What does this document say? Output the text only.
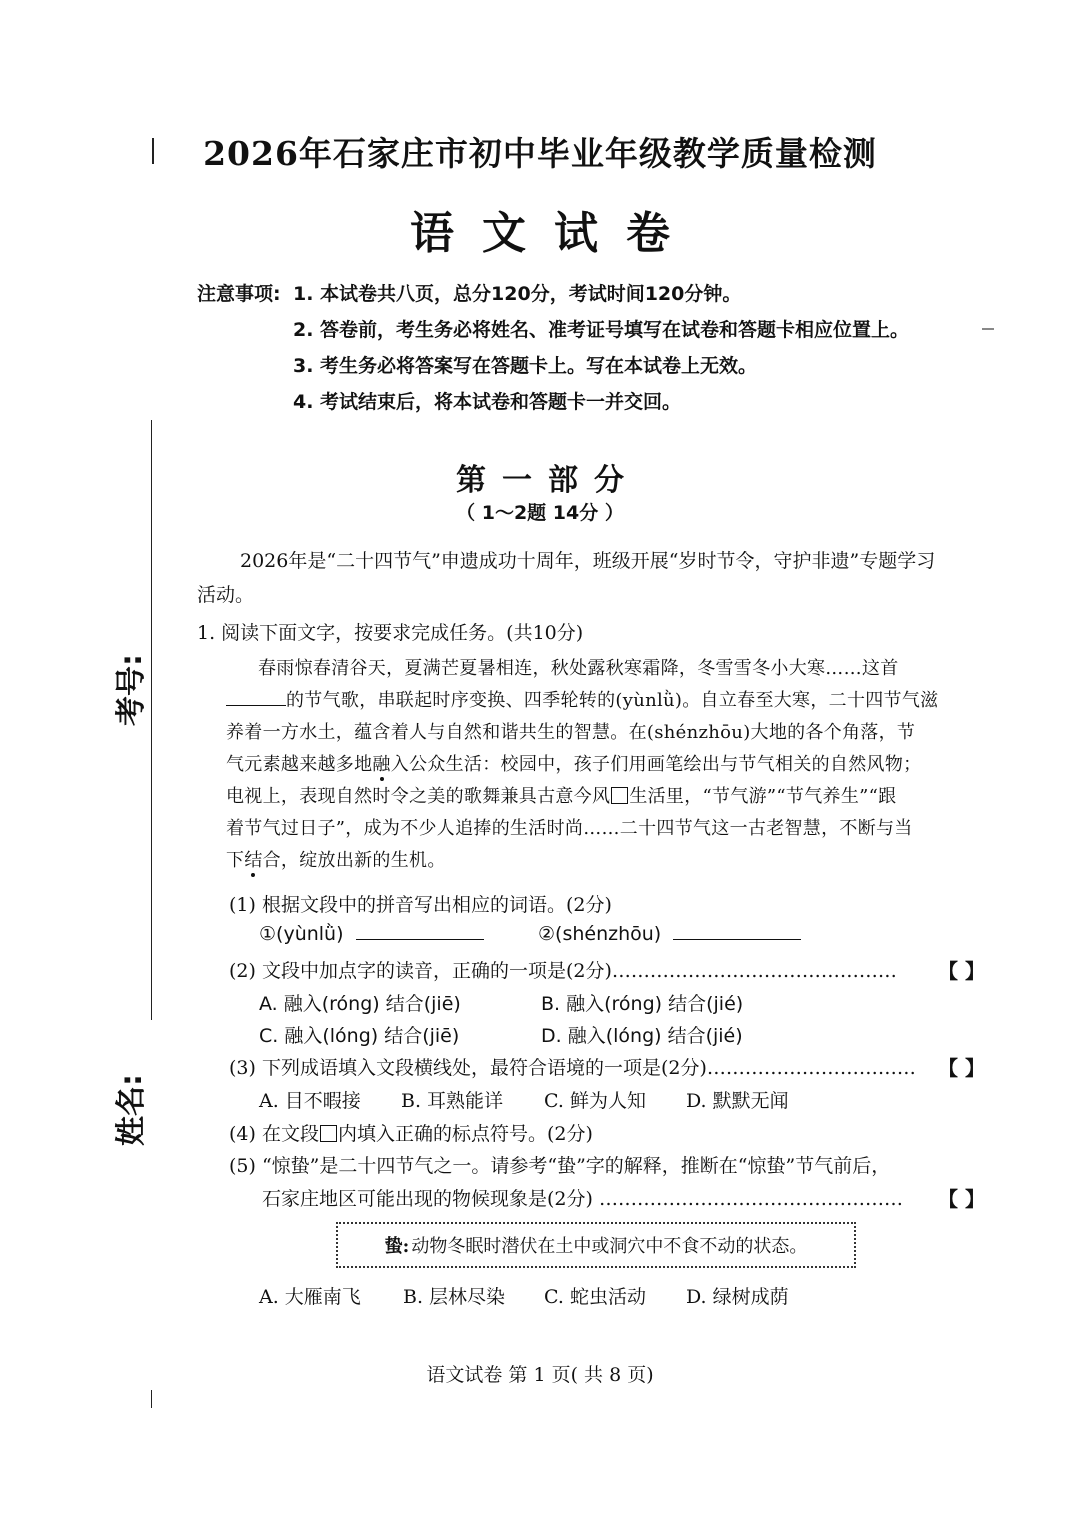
考号:
姓名:
2026年石家庄市初中毕业年级教学质量检测
语文试卷
注意事项: 1. 本试卷共八页，总分120分，考试时间120分钟。
2. 答卷前，考生务必将姓名、准考证号填写在试卷和答题卡相应位置上。
3. 考生务必将答案写在答题卡上。写在本试卷上无效。
4. 考试结束后，将本试卷和答题卡一并交回。
第一部分
（ 1～2题 14分 ）
2026年是“二十四节气”申遗成功十周年，班级开展“岁时节令，守护非遗”专题学习
活动。
1. 阅读下面文字，按要求完成任务。(共10分)
春雨惊春清谷天，夏满芒夏暑相连，秋处露秋寒霜降，冬雪雪冬小大寒……这首
的节气歌，串联起时序变换、四季轮转的(yùnlǜ)。自立春至大寒，二十四节气滋
养着一方水土，蕴含着人与自然和谐共生的智慧。在(shénzhōu)大地的各个角落，节
气元素越来越多地融入公众生活：校园中，孩子们用画笔绘出与节气相关的自然风物；
电视上，表现自然时令之美的歌舞兼具古意今风 生活里，“节气游”“节气养生”“跟
着节气过日子”，成为不少人追捧的生活时尚……二十四节气这一古老智慧，不断与当
下结合，绽放出新的生机。
(1) 根据文段中的拼音写出相应的词语。(2分)
①(yùnlǜ)	②(shénzhōu)
(2) 文段中加点字的读音，正确的一项是(2分)……………………………………… 【 】
A. 融入(róng) 结合(jiē)	B. 融入(róng) 结合(jié)
C. 融入(lóng) 结合(jiē)	D. 融入(lóng) 结合(jié)
(3) 下列成语填入文段横线处，最符合语境的一项是(2分)…………………………… 【 】
A. 目不暇接 B. 耳熟能详 C. 鲜为人知 D. 默默无闻
(4) 在文段 内填入正确的标点符号。(2分)
(5) “惊蛰”是二十四节气之一。请参考“蛰”字的解释，推断在“惊蛰”节气前后，
石家庄地区可能出现的物候现象是(2分) ………………………………………… 【 】
蛰: 动物冬眠时潜伏在土中或洞穴中不食不动的状态。
A. 大雁南飞 B. 层林尽染 C. 蛇虫活动 D. 绿树成荫
语文试卷 第 1 页( 共 8 页)
